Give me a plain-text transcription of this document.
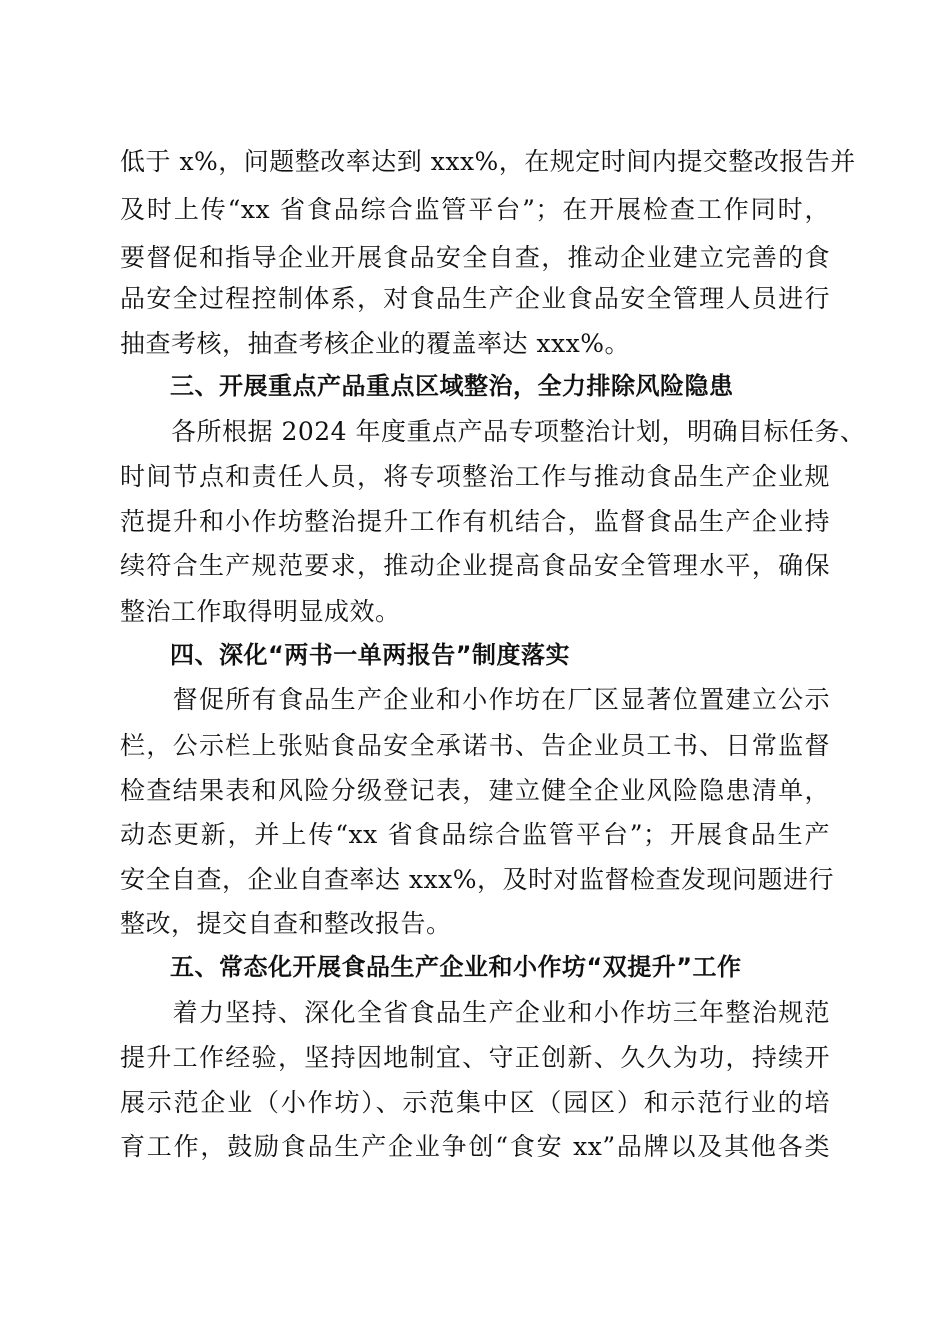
低于 x%，问题整改率达到 xxx%，在规定时间内提交整改报告并
及时上传“xx 省食品综合监管平台”；在开展检查工作同时，
要督促和指导企业开展食品安全自查，推动企业建立完善的食
品安全过程控制体系，对食品生产企业食品安全管理人员进行
抽查考核，抽查考核企业的覆盖率达 xxx%。
三、开展重点产品重点区域整治，全力排除风险隐患
　　各所根据 2024 年度重点产品专项整治计划，明确目标任务、
时间节点和责任人员，将专项整治工作与推动食品生产企业规
范提升和小作坊整治提升工作有机结合，监督食品生产企业持
续符合生产规范要求，推动企业提高食品安全管理水平，确保
整治工作取得明显成效。
四、深化“两书一单两报告”制度落实
　　督促所有食品生产企业和小作坊在厂区显著位置建立公示
栏，公示栏上张贴食品安全承诺书、告企业员工书、日常监督
检查结果表和风险分级登记表，建立健全企业风险隐患清单，
动态更新，并上传“xx 省食品综合监管平台”；开展食品生产
安全自查，企业自查率达 xxx%，及时对监督检查发现问题进行
整改，提交自查和整改报告。
五、常态化开展食品生产企业和小作坊“双提升”工作
　　着力坚持、深化全省食品生产企业和小作坊三年整治规范
提升工作经验，坚持因地制宜、守正创新、久久为功，持续开
展示范企业（小作坊）、示范集中区（园区）和示范行业的培
育工作，鼓励食品生产企业争创“食安 xx”品牌以及其他各类
